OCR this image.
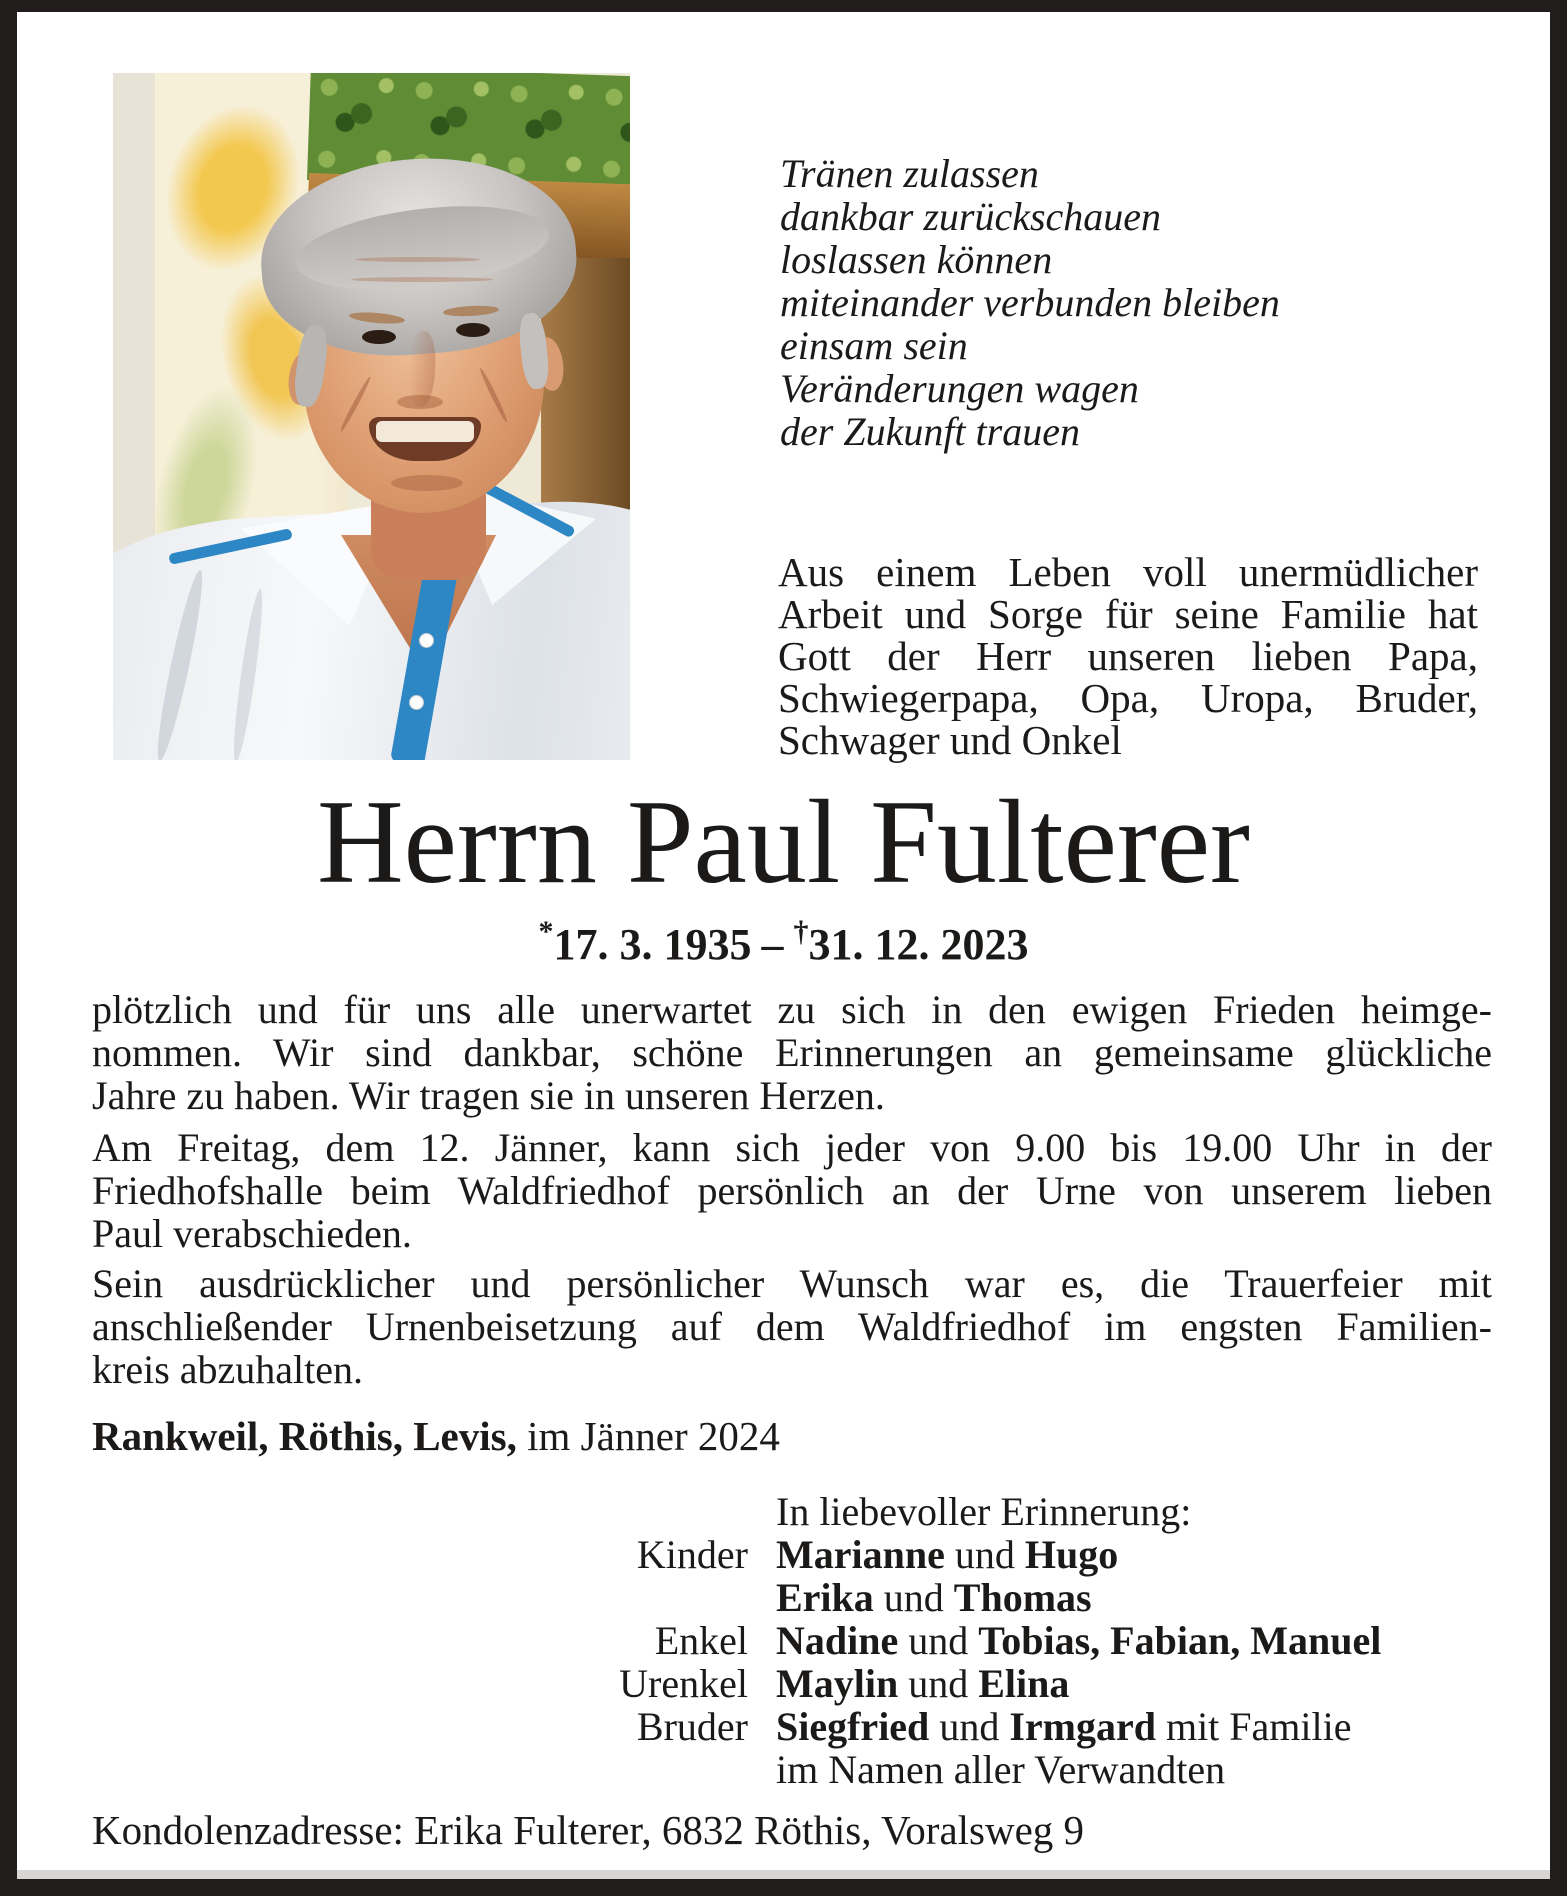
Tränen zulassen
dankbar zurückschauen
loslassen können
miteinander verbunden bleiben
einsam sein
Veränderungen wagen
der Zukunft trauen
Aus einem Leben voll unermüdlicher
Arbeit und Sorge für seine Familie hat
Gott der Herr unseren lieben Papa,
Schwiegerpapa, Opa, Uropa, Bruder,
Schwager und Onkel
Herrn Paul Fulterer
*17. 3. 1935 – †31. 12. 2023
plötzlich und für uns alle unerwartet zu sich in den ewigen Frieden heimge-
nommen. Wir sind dankbar, schöne Erinnerungen an gemeinsame glückliche
Jahre zu haben. Wir tragen sie in unseren Herzen.
Am Freitag, dem 12. Jänner, kann sich jeder von 9.00 bis 19.00 Uhr in der
Friedhofshalle beim Waldfriedhof persönlich an der Urne von unserem lieben
Paul verabschieden.
Sein ausdrücklicher und persönlicher Wunsch war es, die Trauerfeier mit
anschließender Urnenbeisetzung auf dem Waldfriedhof im engsten Familien-
kreis abzuhalten.
Rankweil, Röthis, Levis, im Jänner 2024
In liebevoller Erinnerung:
Kinder Marianne und Hugo
Erika und Thomas
Enkel Nadine und Tobias, Fabian, Manuel
Urenkel Maylin und Elina
Bruder Siegfried und Irmgard mit Familie
im Namen aller Verwandten
Kondolenzadresse: Erika Fulterer, 6832 Röthis, Voralsweg 9
